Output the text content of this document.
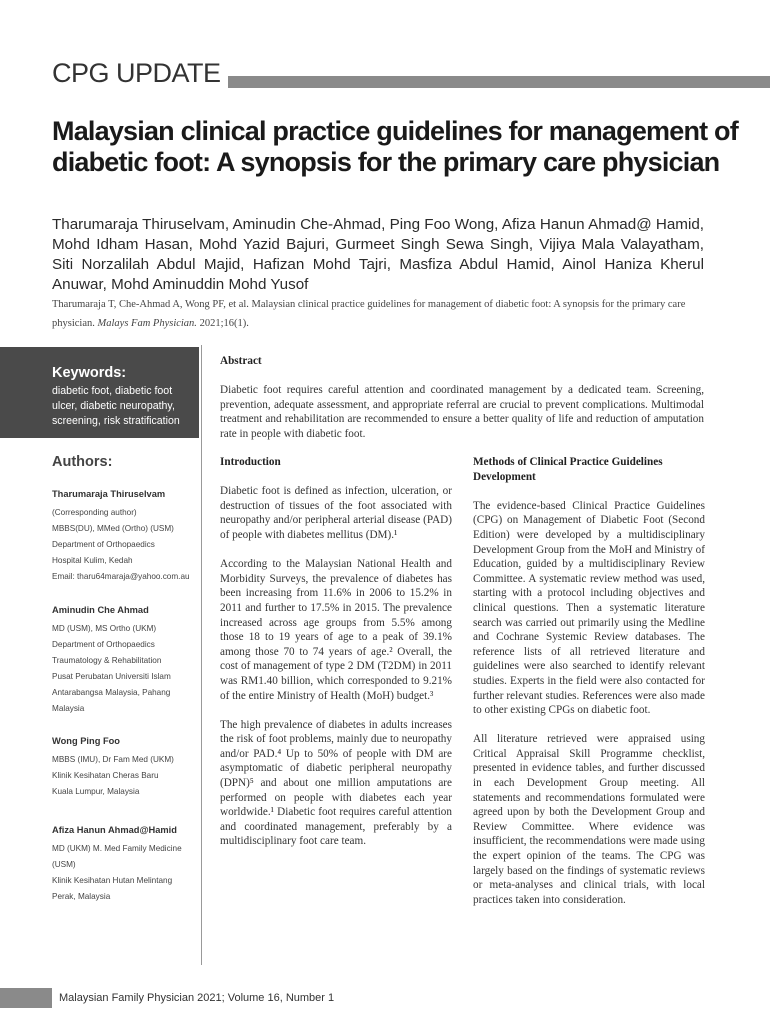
CPG UPDATE
Malaysian clinical practice guidelines for management of diabetic foot: A synopsis for the primary care physician
Tharumaraja Thiruselvam, Aminudin Che-Ahmad, Ping Foo Wong, Afiza Hanun Ahmad@ Hamid, Mohd Idham Hasan, Mohd Yazid Bajuri, Gurmeet Singh Sewa Singh, Vijiya Mala Valayatham, Siti Norzalilah Abdul Majid, Hafizan Mohd Tajri, Masfiza Abdul Hamid, Ainol Haniza Kherul Anuwar, Mohd Aminuddin Mohd Yusof
Tharumaraja T, Che-Ahmad A, Wong PF, et al. Malaysian clinical practice guidelines for management of diabetic foot: A synopsis for the primary care physician. Malays Fam Physician. 2021;16(1).
Keywords:
diabetic foot, diabetic foot ulcer, diabetic neuropathy, screening, risk stratification
Authors:
Tharumaraja Thiruselvam
(Corresponding author)
MBBS(DU), MMed (Ortho) (USM)
Department of Orthopaedics
Hospital Kulim, Kedah
Email: tharu64maraja@yahoo.com.au
Aminudin Che Ahmad
MD (USM), MS Ortho (UKM)
Department of Orthopaedics
Traumatology & Rehabilitation
Pusat Perubatan Universiti Islam
Antarabangsa Malaysia, Pahang
Malaysia
Wong Ping Foo
MBBS (IMU), Dr Fam Med (UKM)
Klinik Kesihatan Cheras Baru
Kuala Lumpur, Malaysia
Afiza Hanun Ahmad@Hamid
MD (UKM) M. Med Family Medicine
(USM)
Klinik Kesihatan Hutan Melintang
Perak, Malaysia
Abstract
Diabetic foot requires careful attention and coordinated management by a dedicated team. Screening, prevention, adequate assessment, and appropriate referral are crucial to prevent complications. Multimodal treatment and rehabilitation are recommended to ensure a better quality of life and reduction of amputation rate in people with diabetic foot.
Introduction

Diabetic foot is defined as infection, ulceration, or destruction of tissues of the foot associated with neuropathy and/or peripheral arterial disease (PAD) of people with diabetes mellitus (DM).¹

According to the Malaysian National Health and Morbidity Surveys, the prevalence of diabetes has been increasing from 11.6% in 2006 to 15.2% in 2011 and further to 17.5% in 2015. The prevalence increased across age groups from 5.5% among those 18 to 19 years of age to a peak of 39.1% among those 70 to 74 years of age.² Overall, the cost of management of type 2 DM (T2DM) in 2011 was RM1.40 billion, which corresponded to 9.21% of the entire Ministry of Health (MoH) budget.³

The high prevalence of diabetes in adults increases the risk of foot problems, mainly due to neuropathy and/or PAD.⁴ Up to 50% of people with DM are asymptomatic of diabetic peripheral neuropathy (DPN)⁵ and about one million amputations are performed on people with diabetes each year worldwide.¹ Diabetic foot requires careful attention and coordinated management, preferably by a multidisciplinary foot care team.

Methods of Clinical Practice Guidelines Development

The evidence-based Clinical Practice Guidelines (CPG) on Management of Diabetic Foot (Second Edition) were developed by a multidisciplinary Development Group from the MoH and Ministry of Education, guided by a multidisciplinary Review Committee. A systematic review method was used, starting with a protocol including objectives and clinical questions. Then a systematic literature search was carried out primarily using the Medline and Cochrane Systemic Review databases. The reference lists of all retrieved literature and guidelines were also searched to identify relevant studies. Experts in the field were also contacted for further relevant studies. References were also made to other existing CPGs on diabetic foot.

All literature retrieved were appraised using Critical Appraisal Skill Programme checklist, presented in evidence tables, and further discussed in each Development Group meeting. All statements and recommendations formulated were agreed upon by both the Development Group and Review Committee. Where evidence was insufficient, the recommendations were made using the expert opinion of the teams. The CPG was largely based on the findings of systematic reviews or meta-analyses and clinical trials, with local practices taken into consideration.

Malaysian Family Physician 2021; Volume 16, Number 1
